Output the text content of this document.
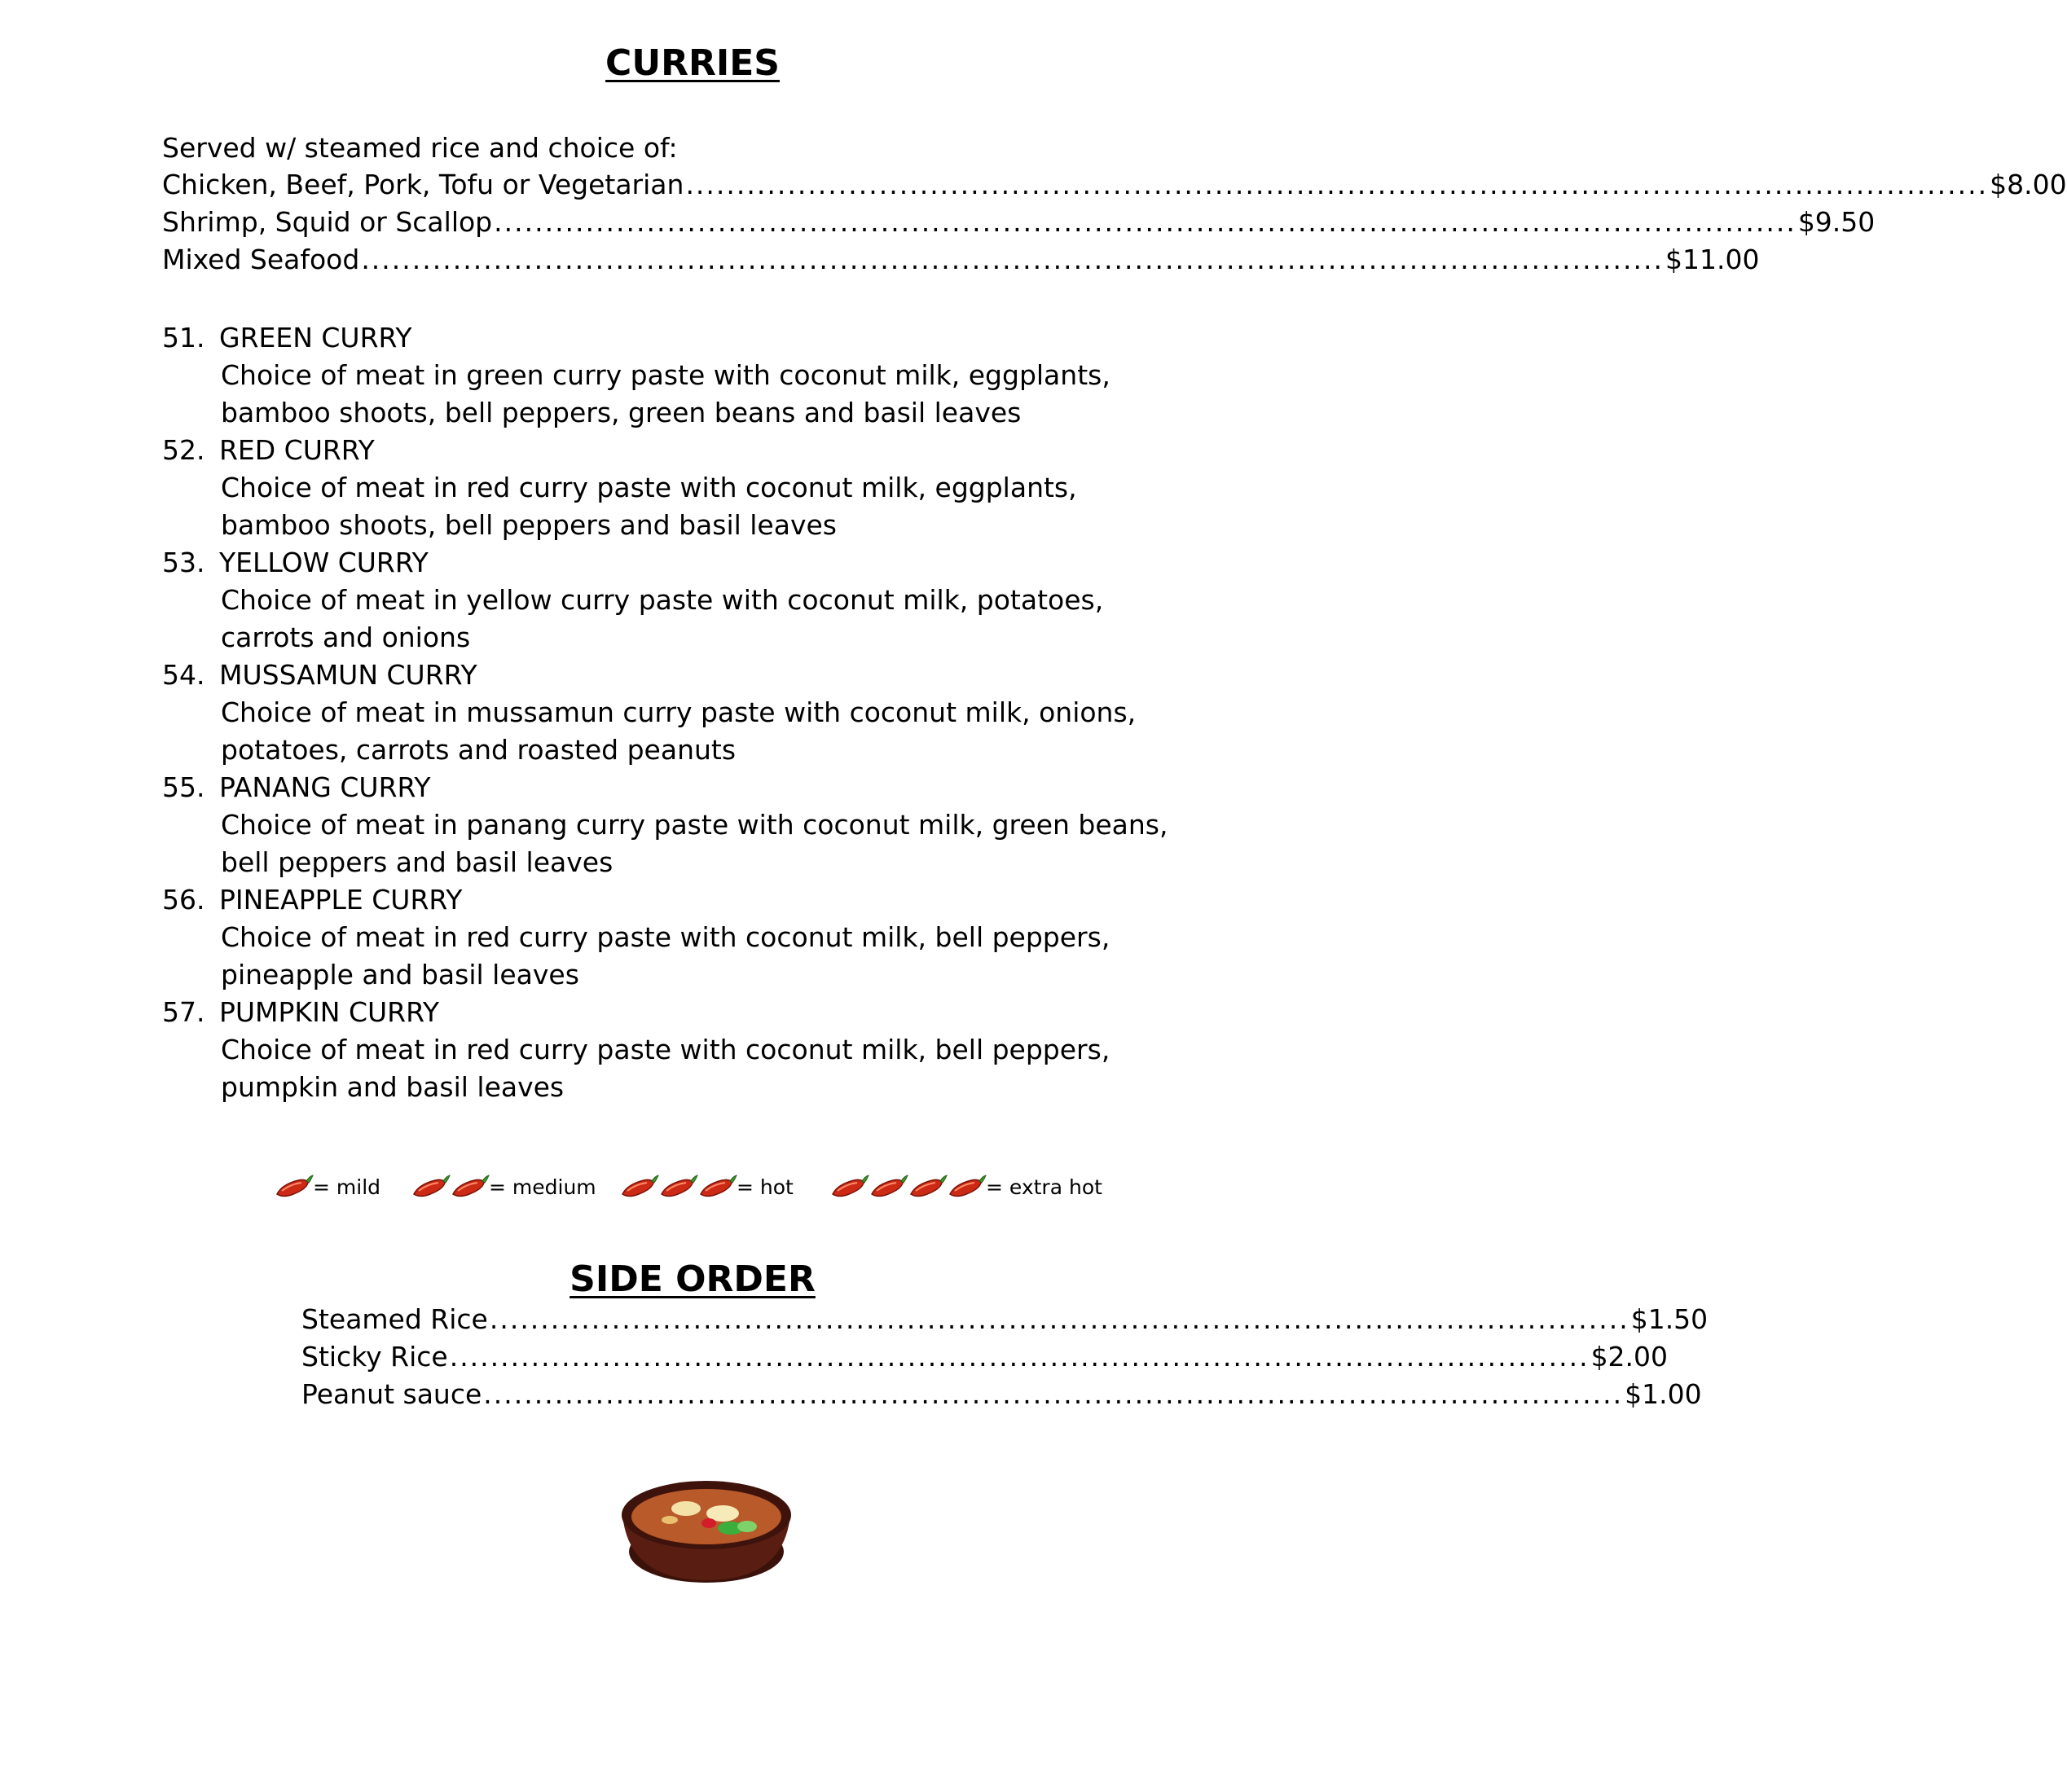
CURRIES
Served w/ steamed rice and choice of:
Chicken, Beef, Pork, Tofu or Vegetarian ................................................................................................................................ $8.00
Shrimp, Squid or Scallop ................................................................................................................................ $9.50
Mixed Seafood ................................................................................................................................ $11.00
51. GREEN CURRY
Choice of meat in green curry paste with coconut milk, eggplants,
bamboo shoots, bell peppers, green beans and basil leaves
52. RED CURRY
Choice of meat in red curry paste with coconut milk, eggplants,
bamboo shoots, bell peppers and basil leaves
53. YELLOW CURRY
Choice of meat in yellow curry paste with coconut milk, potatoes,
carrots and onions
54. MUSSAMUN CURRY
Choice of meat in mussamun curry paste with coconut milk, onions,
potatoes, carrots and roasted peanuts
55. PANANG CURRY
Choice of meat in panang curry paste with coconut milk, green beans,
bell peppers and basil leaves
56. PINEAPPLE CURRY
Choice of meat in red curry paste with coconut milk, bell peppers,
pineapple and basil leaves
57. PUMPKIN CURRY
Choice of meat in red curry paste with coconut milk, bell peppers,
pumpkin and basil leaves
= mild	= medium	= hot	= extra hot
SIDE ORDER
Steamed Rice ................................................................................................................ $1.50
Sticky Rice ................................................................................................................ $2.00
Peanut sauce ................................................................................................................ $1.00
